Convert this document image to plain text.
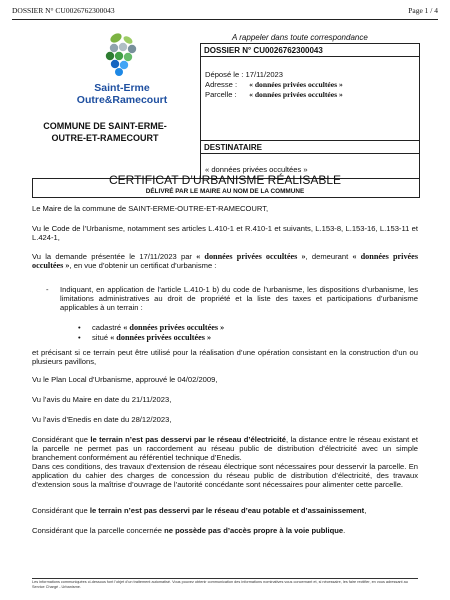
DOSSIER N° CU0026762300043	Page 1 / 4
Saint-Erme
Outre&Ramecourt
COMMUNE DE SAINT-ERME-
OUTRE-ET-RAMECOURT
A rappeler dans toute correspondance
DOSSIER N° CU0026762300043
Déposé le : 17/11/2023
Adresse : « données privées occultées »
Parcelle : « données privées occultées »
DESTINATAIRE
« données privées occultées »
CERTIFICAT D’URBANISME RÉALISABLE
DÉLIVRÉ PAR LE MAIRE AU NOM DE LA COMMUNE

Le Maire de la commune de SAINT-ERME-OUTRE-ET-RAMECOURT,

Vu le Code de l’Urbanisme, notamment ses articles L.410-1 et R.410-1 et suivants, L.153-8, L.153-16, L.153-11 et L.424-1,

Vu la demande présentée le 17/11/2023 par « données privées occultées », demeurant « données privées occultées », en vue d’obtenir un certificat d’urbanisme :

- Indiquant, en application de l’article L.410-1 b) du code de l’urbanisme, les dispositions d’urbanisme, les limitations administratives au droit de propriété et la liste des taxes et participations d’urbanisme applicables à un terrain :

• cadastré « données privées occultées »
• situé « données privées occultées »

et précisant si ce terrain peut être utilisé pour la réalisation d’une opération consistant en la construction d’un ou plusieurs pavillons,

Vu le Plan Local d’Urbanisme, approuvé le 04/02/2009,

Vu l’avis du Maire en date du 21/11/2023,

Vu l’avis d’Enedis en date du 28/12/2023,

Considérant que le terrain n’est pas desservi par le réseau d’électricité, la distance entre le réseau existant et la parcelle ne permet pas un raccordement au réseau public de distribution d’électricité avec un simple branchement conformément au référentiel technique d’Enedis.

Dans ces conditions, des travaux d’extension de réseau électrique sont nécessaires pour desservir la parcelle. En application du cahier des charges de concession du réseau public de distribution d’électricité, des travaux d’extension sous la maîtrise d’ouvrage de l’autorité concédante sont nécessaires pour alimenter cette parcelle.

Considérant que le terrain n’est pas desservi par le réseau d’eau potable et d’assainissement,

Considérant que la parcelle concernée ne possède pas d’accès propre à la voie publique.

Les informations communiquées ci-dessous font l’objet d’un traitement automatisé. Vous pouvez obtenir communication des informations nominatives vous concernant et, si nécessaire, les faire rectifier, en vous adressant au Service Chargé - Urbanisme.
